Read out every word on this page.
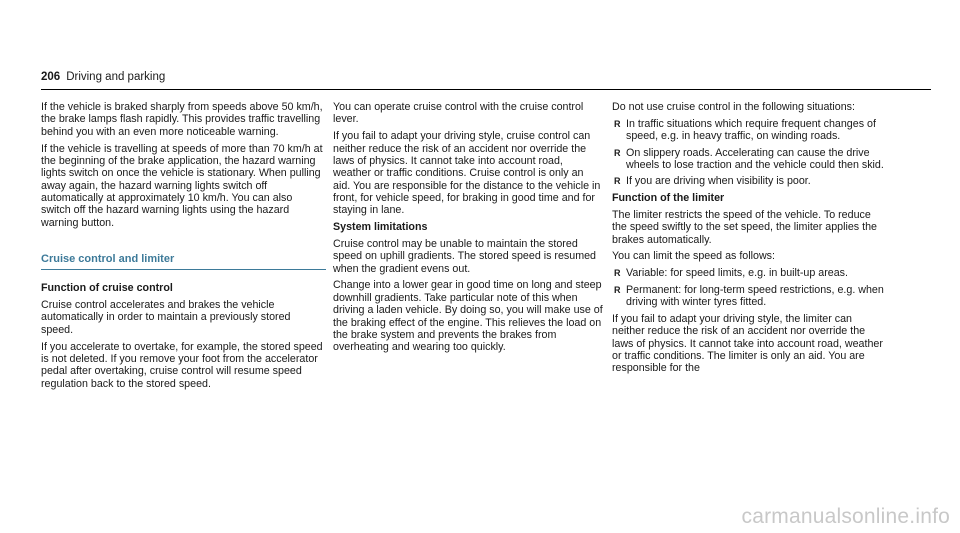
206 Driving and parking

If the vehicle is braked sharply from speeds above 50 km/h, the brake lamps flash rapidly. This provides traffic travelling behind you with an even more noticeable warning.

If the vehicle is travelling at speeds of more than 70 km/h at the beginning of the brake application, the hazard warning lights switch on once the vehicle is stationary. When pulling away again, the hazard warning lights switch off automatically at approximately 10 km/h. You can also switch off the hazard warning lights using the hazard warning button.

Cruise control and limiter

Function of cruise control

Cruise control accelerates and brakes the vehicle automatically in order to maintain a previously stored speed.

If you accelerate to overtake, for example, the stored speed is not deleted. If you remove your foot from the accelerator pedal after overtaking, cruise control will resume speed regulation back to the stored speed.

You can operate cruise control with the cruise control lever.

If you fail to adapt your driving style, cruise control can neither reduce the risk of an accident nor override the laws of physics. It cannot take into account road, weather or traffic conditions. Cruise control is only an aid. You are responsible for the distance to the vehicle in front, for vehicle speed, for braking in good time and for staying in lane.

System limitations

Cruise control may be unable to maintain the stored speed on uphill gradients. The stored speed is resumed when the gradient evens out.

Change into a lower gear in good time on long and steep downhill gradients. Take particular note of this when driving a laden vehicle. By doing so, you will make use of the braking effect of the engine. This relieves the load on the brake system and prevents the brakes from overheating and wearing too quickly.

Do not use cruise control in the following situations:

R In traffic situations which require frequent changes of speed, e.g. in heavy traffic, on winding roads.
R On slippery roads. Accelerating can cause the drive wheels to lose traction and the vehicle could then skid.
R If you are driving when visibility is poor.

Function of the limiter

The limiter restricts the speed of the vehicle. To reduce the speed swiftly to the set speed, the limiter applies the brakes automatically.

You can limit the speed as follows:

R Variable: for speed limits, e.g. in built-up areas.
R Permanent: for long-term speed restrictions, e.g. when driving with winter tyres fitted.

If you fail to adapt your driving style, the limiter can neither reduce the risk of an accident nor override the laws of physics. It cannot take into account road, weather or traffic conditions. The limiter is only an aid. You are responsible for the

carmanualsonline.info
